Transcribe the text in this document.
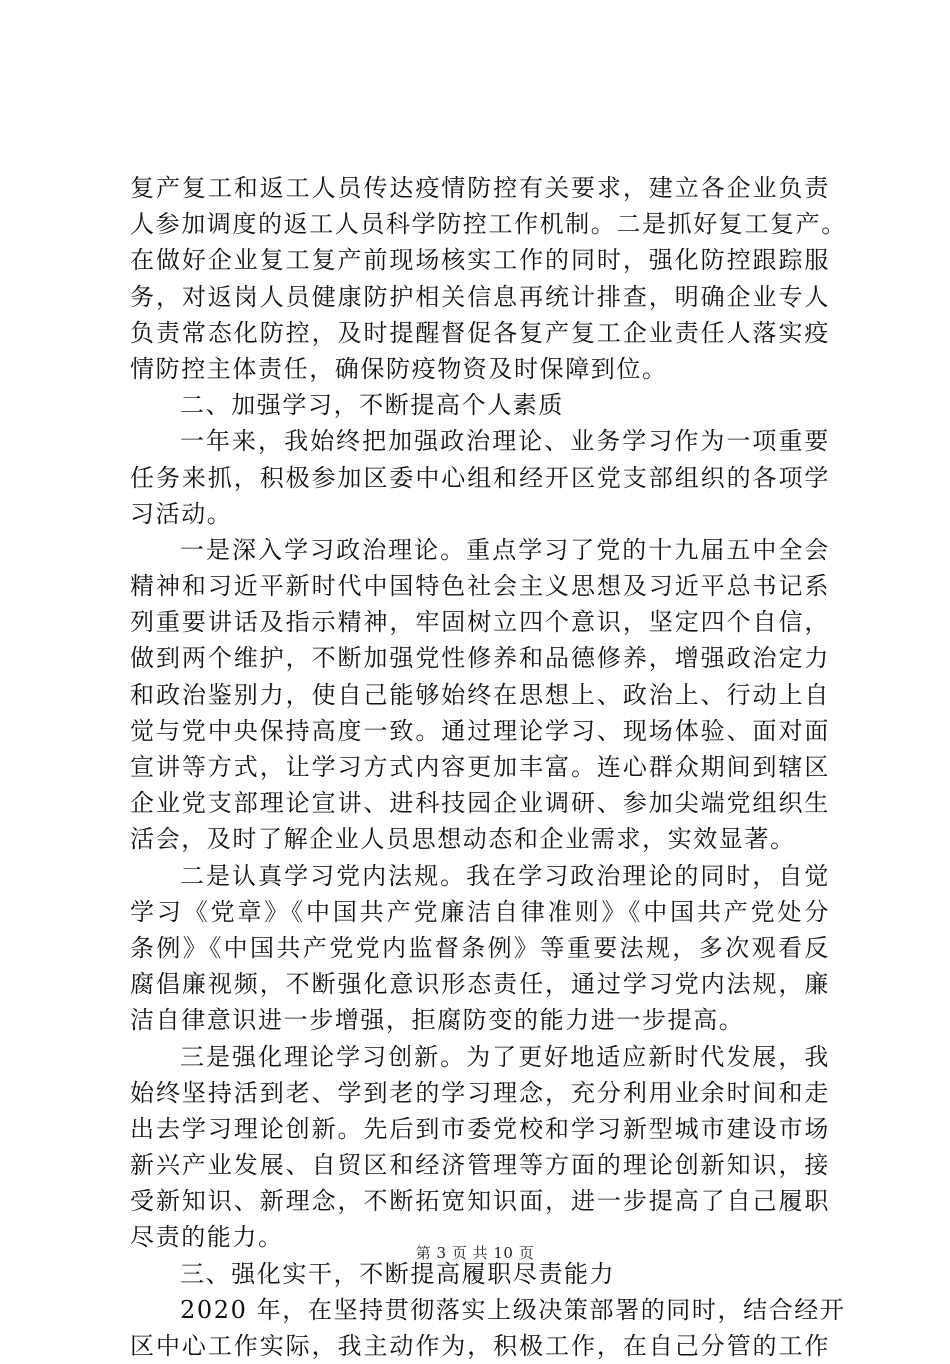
复产复工和返工人员传达疫情防控有关要求，建立各企业负责
人参加调度的返工人员科学防控工作机制。二是抓好复工复产。
在做好企业复工复产前现场核实工作的同时，强化防控跟踪服
务，对返岗人员健康防护相关信息再统计排查，明确企业专人
负责常态化防控，及时提醒督促各复产复工企业责任人落实疫
情防控主体责任，确保防疫物资及时保障到位。
二、加强学习，不断提高个人素质
一年来，我始终把加强政治理论、业务学习作为一项重要
任务来抓，积极参加区委中心组和经开区党支部组织的各项学
习活动。
一是深入学习政治理论。重点学习了党的十九届五中全会
精神和习近平新时代中国特色社会主义思想及习近平总书记系
列重要讲话及指示精神，牢固树立四个意识，坚定四个自信，
做到两个维护，不断加强党性修养和品德修养，增强政治定力
和政治鉴别力，使自己能够始终在思想上、政治上、行动上自
觉与党中央保持高度一致。通过理论学习、现场体验、面对面
宣讲等方式，让学习方式内容更加丰富。连心群众期间到辖区
企业党支部理论宣讲、进科技园企业调研、参加尖端党组织生
活会，及时了解企业人员思想动态和企业需求，实效显著。
二是认真学习党内法规。我在学习政治理论的同时，自觉
学习《党章》《中国共产党廉洁自律准则》《中国共产党处分
条例》《中国共产党党内监督条例》等重要法规，多次观看反
腐倡廉视频，不断强化意识形态责任，通过学习党内法规，廉
洁自律意识进一步增强，拒腐防变的能力进一步提高。
三是强化理论学习创新。为了更好地适应新时代发展，我
始终坚持活到老、学到老的学习理念，充分利用业余时间和走
出去学习理论创新。先后到市委党校和学习新型城市建设市场
新兴产业发展、自贸区和经济管理等方面的理论创新知识，接
受新知识、新理念，不断拓宽知识面，进一步提高了自己履职
尽责的能力。
三、强化实干，不断提高履职尽责能力
2020 年，在坚持贯彻落实上级决策部署的同时，结合经开
区中心工作实际，我主动作为，积极工作，在自己分管的工作
第 3 页 共 10 页
